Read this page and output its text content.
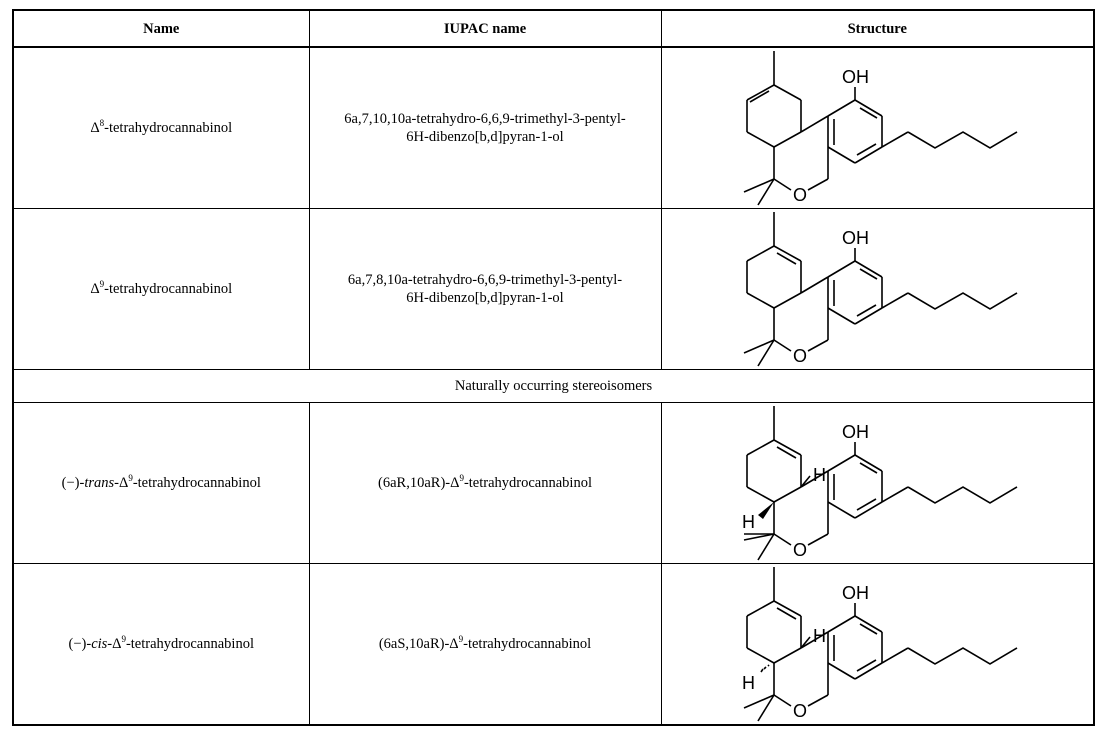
Name	IUPAC name	Structure
$\Delta^8$-tetrahydrocannabinol	6a,7,10,10a-tetrahydro-6,6,9-trimethyl-3-pentyl-
6H-dibenzo[b,d]pyran-1-ol	OH
O

$\Delta^9$-tetrahydrocannabinol	6a,7,8,10a-tetrahydro-6,6,9-trimethyl-3-pentyl-
6H-dibenzo[b,d]pyran-1-ol	OH
O

Naturally occurring stereoisomers		
$(-)-trans-\Delta^9$-tetrahydrocannabinol	$(6aR,10aR)-\Delta^9$-tetrahydrocannabinol	OH
O
H
H

$(-)-cis-\Delta^9$-tetrahydrocannabinol	$(6aS,10aR)-\Delta^9$-tetrahydrocannabinol	OH
O
H
H
